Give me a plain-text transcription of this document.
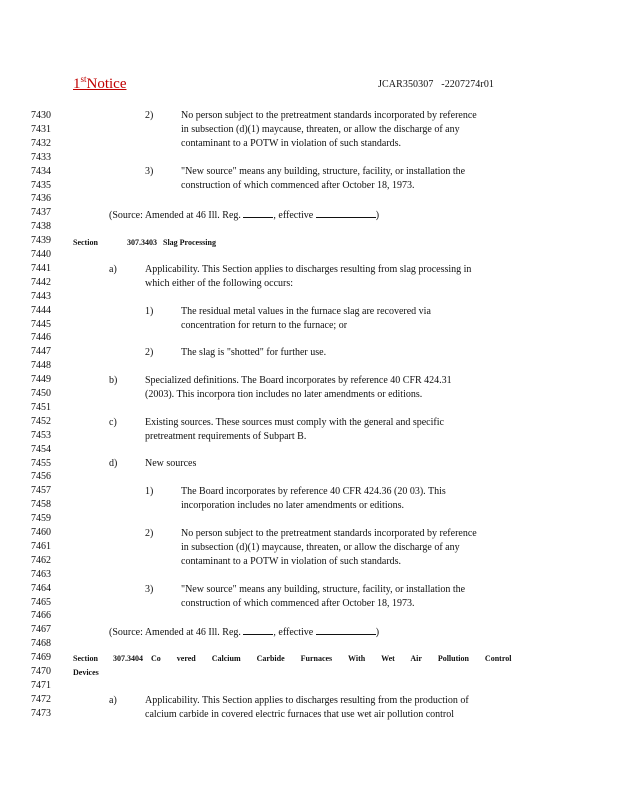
1stNotice	JCAR350307 -2207274r01
7430
7431
7432
7433
7434
7435
7436
7437
7438
7439
7440
7441
7442
7443
7444
7445
7446
7447
7448
7449
7450
7451
7452
7453
7454
7455
7456
7457
7458
7459
7460
7461
7462
7463
7464
7465
7466
7467
7468
7469
7470
7471
7472
7473
2)	No person subject to the pretreatment standards incorporated by reference
in subsection (d)(1) maycause, threaten, or allow the discharge of any
contaminant to a POTW in violation of such standards.
3)	"New source" means any building, structure, facility, or installation the
construction of which commenced after October 18, 1973.
(Source: Amended at 46 Ill. Reg.	, effective	)
Section	307.3403 Slag Processing
a)	Applicability. This Section applies to discharges resulting from slag processing in
which either of the following occurs:
1)	The residual metal values in the furnace slag are recovered via
concentration for return to the furnace; or
2)	The slag is "shotted" for further use.
b)	Specialized definitions. The Board incorporates by reference 40 CFR 424.31
(2003). This incorpora tion includes no later amendments or editions.
c)	Existing sources. These sources must comply with the general and specific
pretreatment requirements of Subpart B.
d)	New sources
1)	The Board incorporates by reference 40 CFR 424.36 (20 03). This
incorporation includes no later amendments or editions.
2)	No person subject to the pretreatment standards incorporated by reference
in subsection (d)(1) maycause, threaten, or allow the discharge of any
contaminant to a POTW in violation of such standards.
3)	"New source" means any building, structure, facility, or installation the
construction of which commenced after October 18, 1973.
(Source: Amended at 46 Ill. Reg.	, effective	)
Section 307.3404 Co vered Calcium Carbide Furnaces With Wet Air Pollution Control
Devices
a)	Applicability. This Section applies to discharges resulting from the production of
calcium carbide in covered electric furnaces that use wet air pollution control
